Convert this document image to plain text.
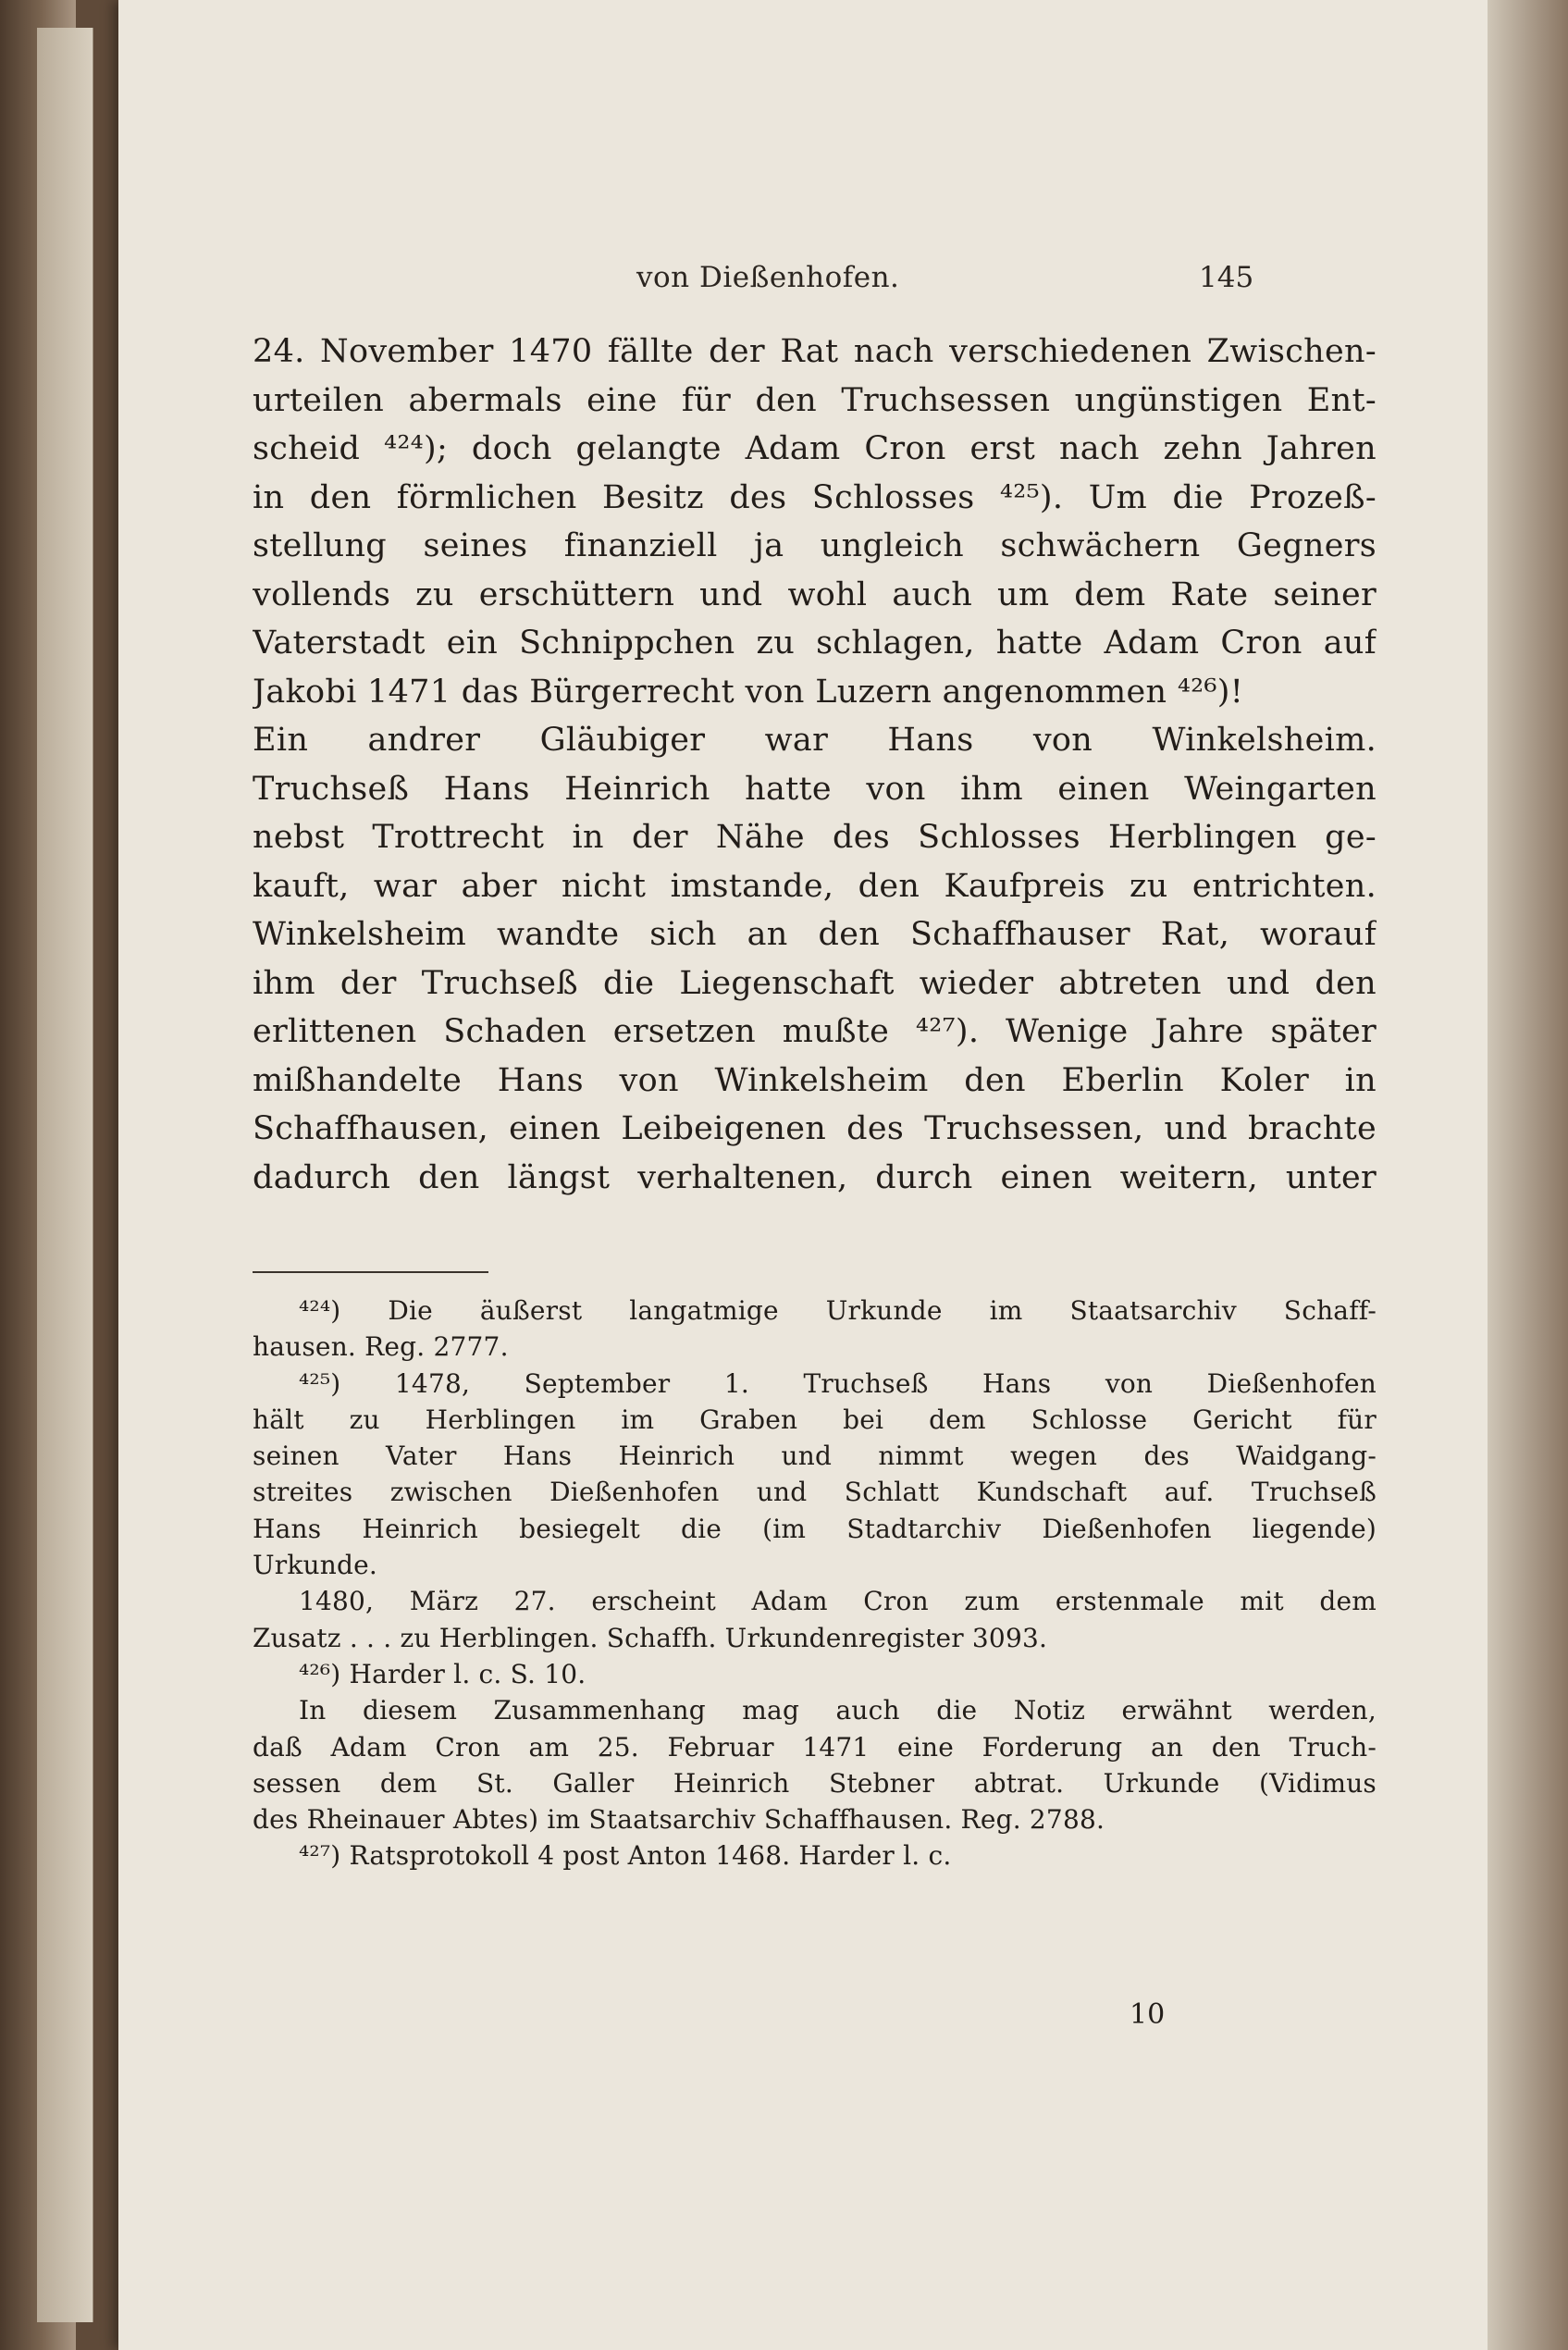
von Dießenhofen.	145
24. November 1470 fällte der Rat nach verschiedenen Zwischen-
urteilen abermals eine für den Truchsessen ungünstigen Ent-
scheid ⁴²⁴); doch gelangte Adam Cron erst nach zehn Jahren
in den förmlichen Besitz des Schlosses ⁴²⁵). Um die Prozeß-
stellung seines finanziell ja ungleich schwächern Gegners
vollends zu erschüttern und wohl auch um dem Rate seiner
Vaterstadt ein Schnippchen zu schlagen, hatte Adam Cron auf
Jakobi 1471 das Bürgerrecht von Luzern angenommen ⁴²⁶)!
Ein andrer Gläubiger war Hans von Winkelsheim.
Truchseß Hans Heinrich hatte von ihm einen Weingarten
nebst Trottrecht in der Nähe des Schlosses Herblingen ge-
kauft, war aber nicht imstande, den Kaufpreis zu entrichten.
Winkelsheim wandte sich an den Schaffhauser Rat, worauf
ihm der Truchseß die Liegenschaft wieder abtreten und den
erlittenen Schaden ersetzen mußte ⁴²⁷). Wenige Jahre später
mißhandelte Hans von Winkelsheim den Eberlin Koler in
Schaffhausen, einen Leibeigenen des Truchsessen, und brachte
dadurch den längst verhaltenen, durch einen weitern, unter
⁴²⁴) Die äußerst langatmige Urkunde im Staatsarchiv Schaff-
hausen. Reg. 2777.
⁴²⁵) 1478, September 1. Truchseß Hans von Dießenhofen
hält zu Herblingen im Graben bei dem Schlosse Gericht für
seinen Vater Hans Heinrich und nimmt wegen des Waidgang-
streites zwischen Dießenhofen und Schlatt Kundschaft auf. Truchseß
Hans Heinrich besiegelt die (im Stadtarchiv Dießenhofen liegende)
Urkunde.
1480, März 27. erscheint Adam Cron zum erstenmale mit dem
Zusatz . . . zu Herblingen. Schaffh. Urkundenregister 3093.
⁴²⁶) Harder l. c. S. 10.
In diesem Zusammenhang mag auch die Notiz erwähnt werden,
daß Adam Cron am 25. Februar 1471 eine Forderung an den Truch-
sessen dem St. Galler Heinrich Stebner abtrat. Urkunde (Vidimus
des Rheinauer Abtes) im Staatsarchiv Schaffhausen. Reg. 2788.
⁴²⁷) Ratsprotokoll 4 post Anton 1468. Harder l. c.
10
